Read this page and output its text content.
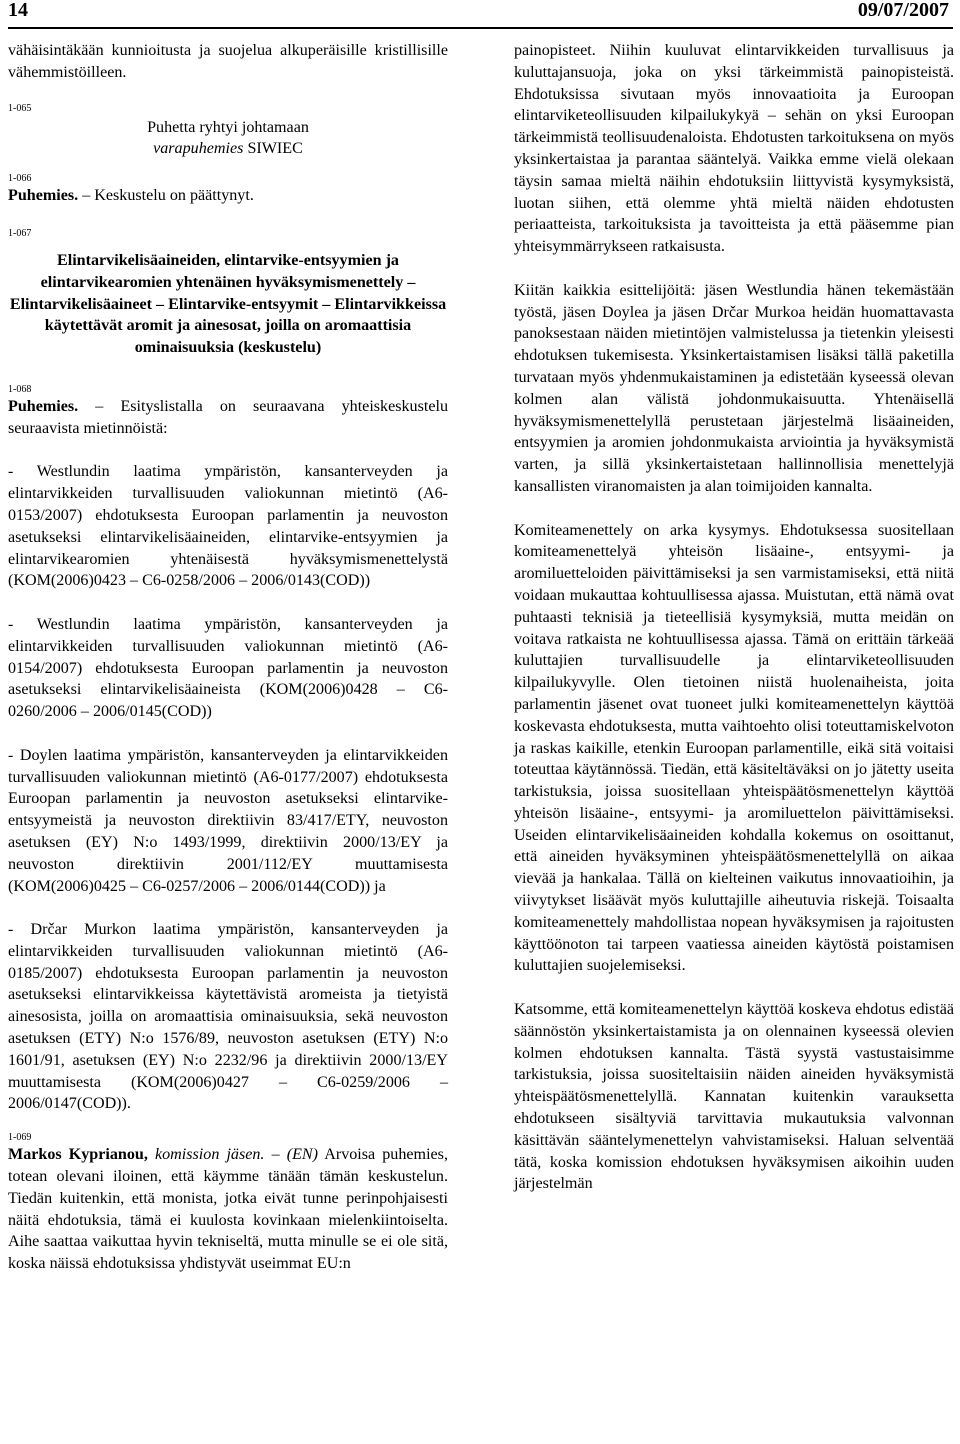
14	09/07/2007

vähäisintäkään kunnioitusta ja suojelua alkuperäisille kristillisille vähemmistöilleen.

1-065
Puhetta ryhtyi johtamaan
varapuhemies SIWIEC
1-066

Puhemies. – Keskustelu on päättynyt.

1-067

Elintarvikelisäaineiden, elintarvike-entsyymien ja elintarvikearomien yhtenäinen hyväksymismenettely – Elintarvikelisäaineet – Elintarvike-entsyymit – Elintarvikkeissa käytettävät aromit ja ainesosat, joilla on aromaattisia ominaisuuksia (keskustelu)

1-068

Puhemies. – Esityslistalla on seuraavana yhteiskeskustelu seuraavista mietinnöistä:

- Westlundin laatima ympäristön, kansanterveyden ja elintarvikkeiden turvallisuuden valiokunnan mietintö (A6-0153/2007) ehdotuksesta Euroopan parlamentin ja neuvoston asetukseksi elintarvikelisäaineiden, elintarvike-entsyymien ja elintarvikearomien yhtenäisestä hyväksymismenettelystä (KOM(2006)0423 – C6-0258/2006 – 2006/0143(COD))

- Westlundin laatima ympäristön, kansanterveyden ja elintarvikkeiden turvallisuuden valiokunnan mietintö (A6-0154/2007) ehdotuksesta Euroopan parlamentin ja neuvoston asetukseksi elintarvikelisäaineista (KOM(2006)0428 – C6-0260/2006 – 2006/0145(COD))

- Doylen laatima ympäristön, kansanterveyden ja elintarvikkeiden turvallisuuden valiokunnan mietintö (A6-0177/2007) ehdotuksesta Euroopan parlamentin ja neuvoston asetukseksi elintarvike-entsyymeistä ja neuvoston direktiivin 83/417/ETY, neuvoston asetuksen (EY) N:o 1493/1999, direktiivin 2000/13/EY ja neuvoston direktiivin 2001/112/EY muuttamisesta (KOM(2006)0425 – C6-0257/2006 – 2006/0144(COD)) ja

- Drčar Murkon laatima ympäristön, kansanterveyden ja elintarvikkeiden turvallisuuden valiokunnan mietintö (A6-0185/2007) ehdotuksesta Euroopan parlamentin ja neuvoston asetukseksi elintarvikkeissa käytettävistä aromeista ja tietyistä ainesosista, joilla on aromaattisia ominaisuuksia, sekä neuvoston asetuksen (ETY) N:o 1576/89, neuvoston asetuksen (ETY) N:o 1601/91, asetuksen (EY) N:o 2232/96 ja direktiivin 2000/13/EY muuttamisesta (KOM(2006)0427 – C6-0259/2006 – 2006/0147(COD)).

1-069

Markos Kyprianou, komission jäsen. – (EN) Arvoisa puhemies, totean olevani iloinen, että käymme tänään tämän keskustelun. Tiedän kuitenkin, että monista, jotka eivät tunne perinpohjaisesti näitä ehdotuksia, tämä ei kuulosta kovinkaan mielenkiintoiselta. Aihe saattaa vaikuttaa hyvin tekniseltä, mutta minulle se ei ole sitä, koska näissä ehdotuksissa yhdistyvät useimmat EU:n

painopisteet. Niihin kuuluvat elintarvikkeiden turvallisuus ja kuluttajansuoja, joka on yksi tärkeimmistä painopisteistä. Ehdotuksissa sivutaan myös innovaatioita ja Euroopan elintarviketeollisuuden kilpailukykyä – sehän on yksi Euroopan tärkeimmistä teollisuudenaloista. Ehdotusten tarkoituksena on myös yksinkertaistaa ja parantaa sääntelyä. Vaikka emme vielä olekaan täysin samaa mieltä näihin ehdotuksiin liittyvistä kysymyksistä, luotan siihen, että olemme yhtä mieltä näiden ehdotusten periaatteista, tarkoituksista ja tavoitteista ja että pääsemme pian yhteisymmärrykseen ratkaisusta.

Kiitän kaikkia esittelijöitä: jäsen Westlundia hänen tekemästään työstä, jäsen Doylea ja jäsen Drčar Murkoa heidän huomattavasta panoksestaan näiden mietintöjen valmistelussa ja tietenkin yleisesti ehdotuksen tukemisesta. Yksinkertaistamisen lisäksi tällä paketilla turvataan myös yhdenmukaistaminen ja edistetään kyseessä olevan kolmen alan välistä johdonmukaisuutta. Yhtenäisellä hyväksymismenettelyllä perustetaan järjestelmä lisäaineiden, entsyymien ja aromien johdonmukaista arviointia ja hyväksymistä varten, ja sillä yksinkertaistetaan hallinnollisia menettelyjä kansallisten viranomaisten ja alan toimijoiden kannalta.

Komiteamenettely on arka kysymys. Ehdotuksessa suositellaan komiteamenettelyä yhteisön lisäaine-, entsyymi- ja aromiluetteloiden päivittämiseksi ja sen varmistamiseksi, että niitä voidaan mukauttaa kohtuullisessa ajassa. Muistutan, että nämä ovat puhtaasti teknisiä ja tieteellisiä kysymyksiä, mutta meidän on voitava ratkaista ne kohtuullisessa ajassa. Tämä on erittäin tärkeää kuluttajien turvallisuudelle ja elintarviketeollisuuden kilpailukyvylle. Olen tietoinen niistä huolenaiheista, joita parlamentin jäsenet ovat tuoneet julki komiteamenettelyn käyttöä koskevasta ehdotuksesta, mutta vaihtoehto olisi toteuttamiskelvoton ja raskas kaikille, etenkin Euroopan parlamentille, eikä sitä voitaisi toteuttaa käytännössä. Tiedän, että käsiteltäväksi on jo jätetty useita tarkistuksia, joissa suositellaan yhteispäätösmenettelyn käyttöä yhteisön lisäaine-, entsyymi- ja aromiluettelon päivittämiseksi. Useiden elintarvikelisäaineiden kohdalla kokemus on osoittanut, että aineiden hyväksyminen yhteispäätösmenettelyllä on aikaa vievää ja hankalaa. Tällä on kielteinen vaikutus innovaatioihin, ja viivytykset lisäävät myös kuluttajille aiheutuvia riskejä. Toisaalta komiteamenettely mahdollistaa nopean hyväksymisen ja rajoitusten käyttöönoton tai tarpeen vaatiessa aineiden käytöstä poistamisen kuluttajien suojelemiseksi.

Katsomme, että komiteamenettelyn käyttöä koskeva ehdotus edistää säännöstön yksinkertaistamista ja on olennainen kyseessä olevien kolmen ehdotuksen kannalta. Tästä syystä vastustaisimme tarkistuksia, joissa suositeltaisiin näiden aineiden hyväksymistä yhteispäätösmenettelyllä. Kannatan kuitenkin varauksetta ehdotukseen sisältyviä tarvittavia mukautuksia valvonnan käsittävän sääntelymenettelyn vahvistamiseksi. Haluan selventää tätä, koska komission ehdotuksen hyväksymisen aikoihin uuden järjestelmän
